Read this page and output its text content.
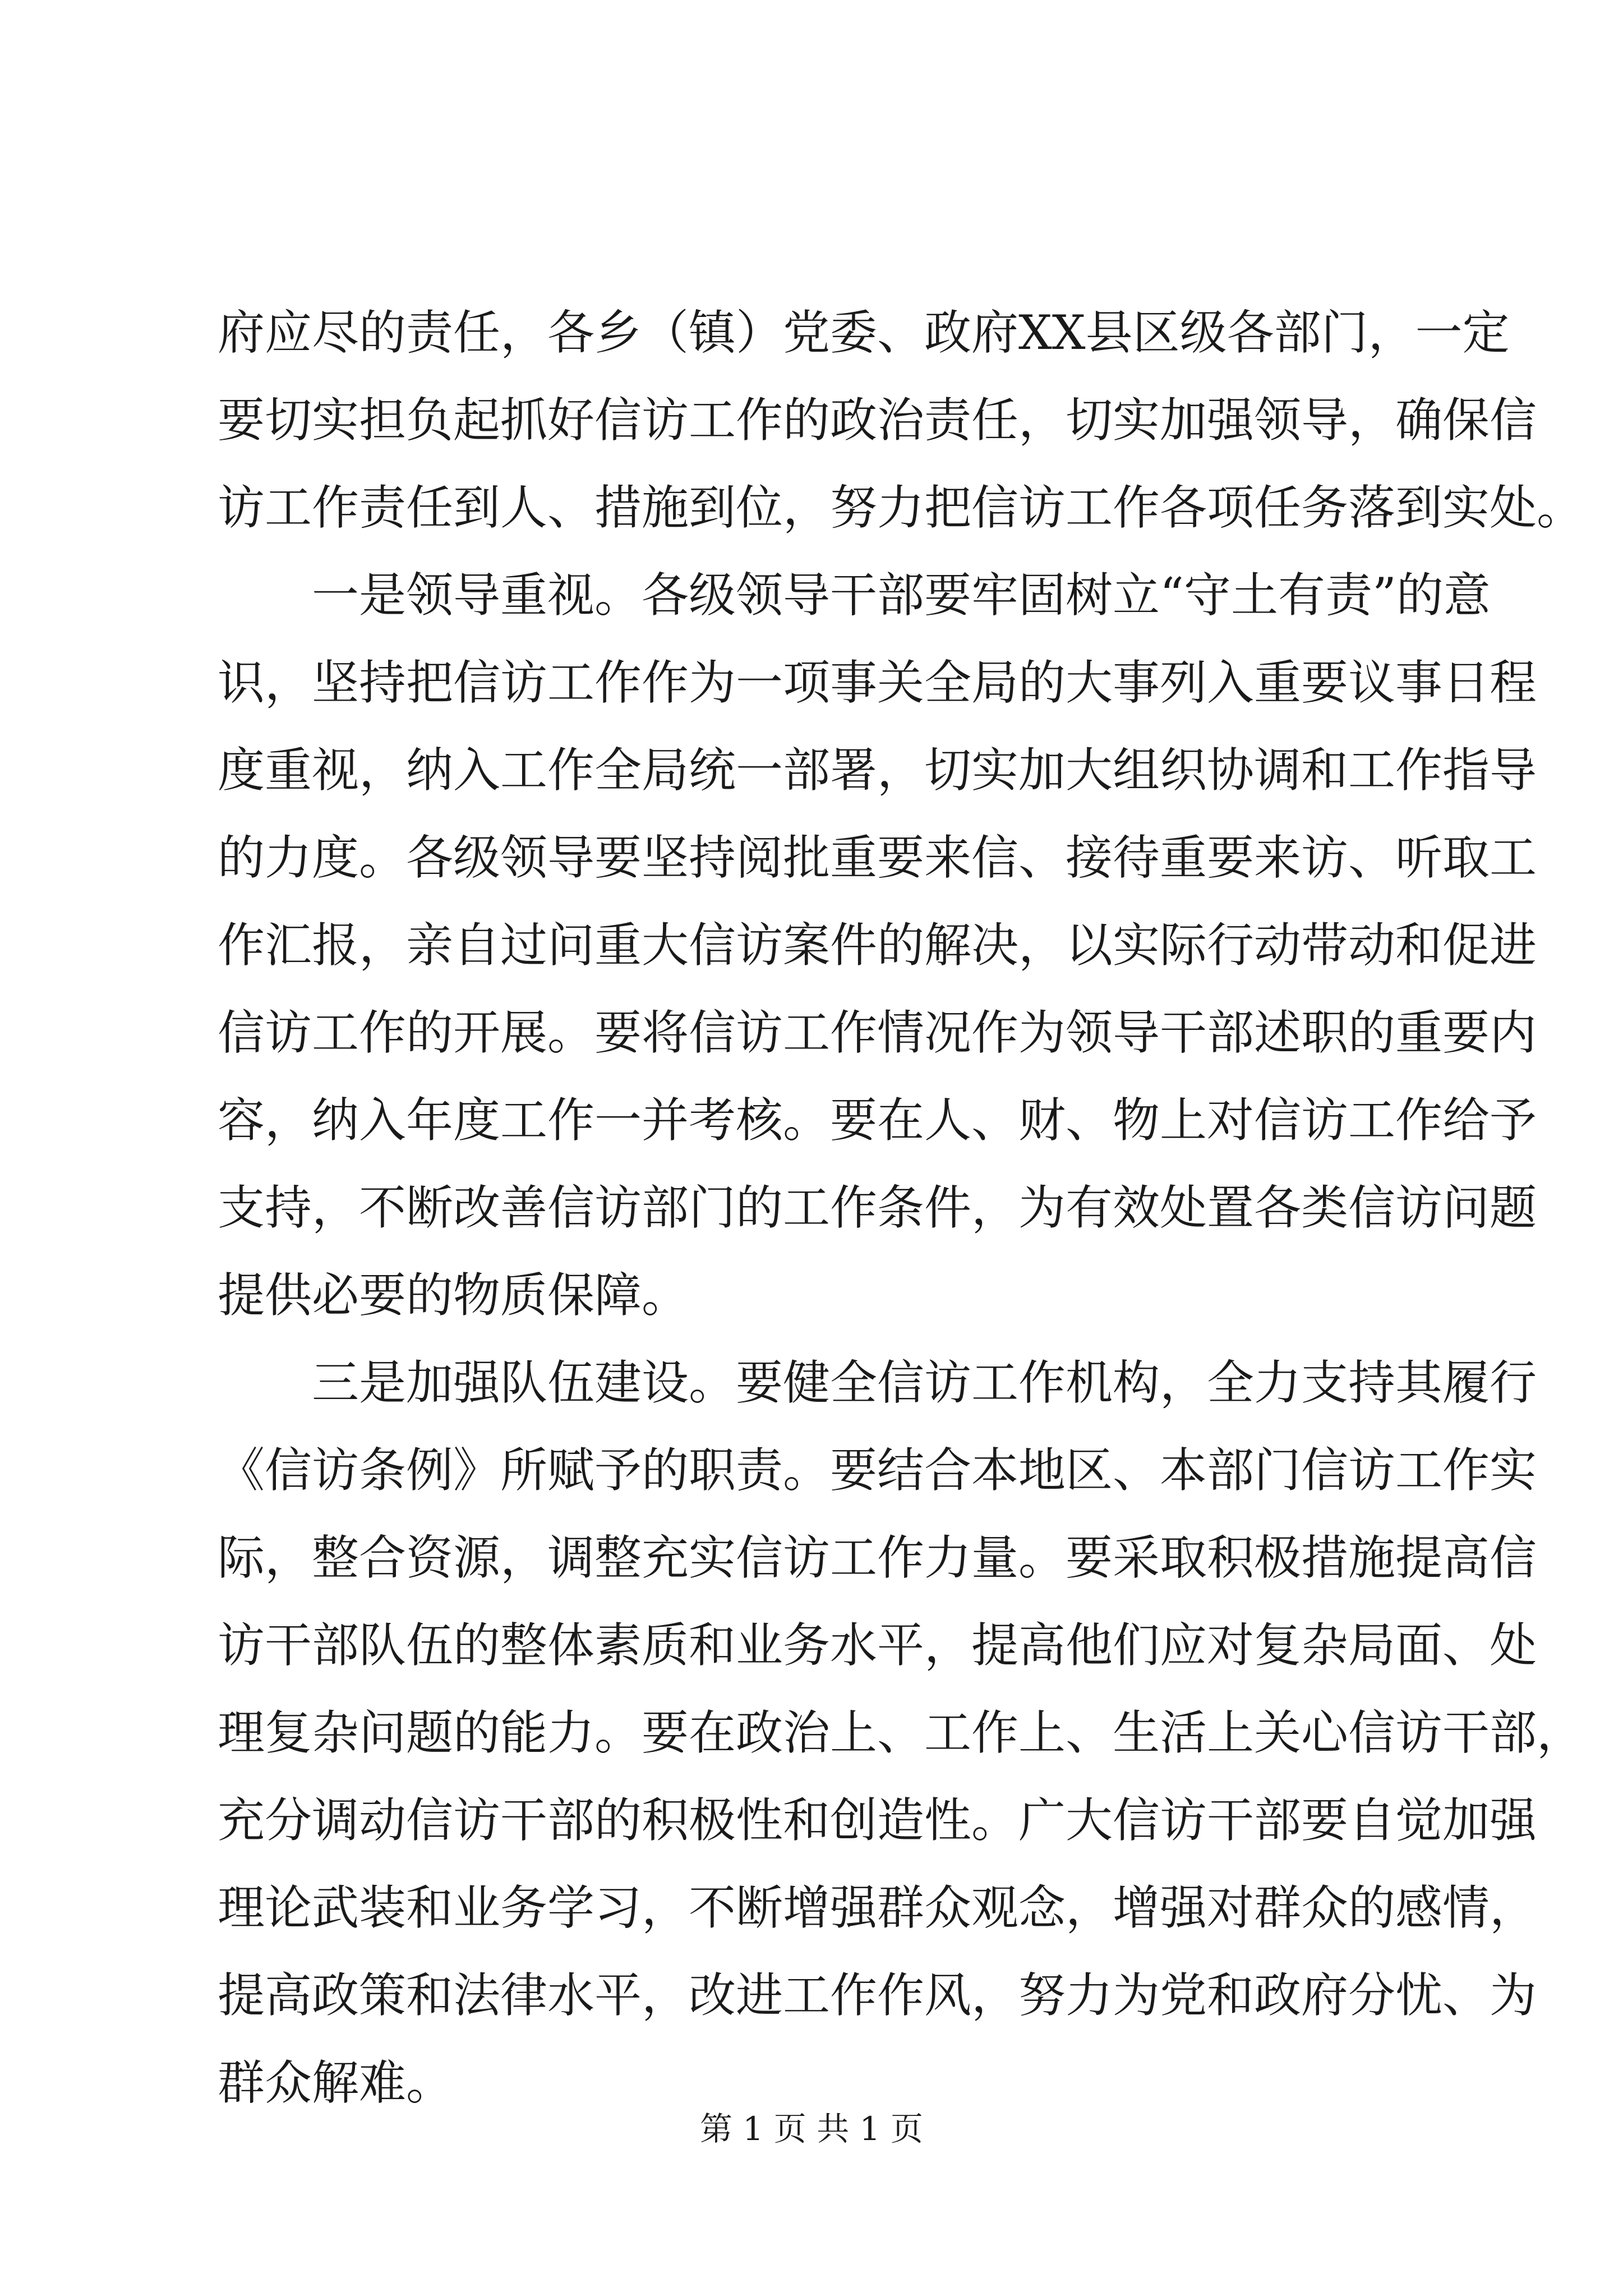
府应尽的责任，各乡（镇）党委、政府XX县区级各部门，一定
要切实担负起抓好信访工作的政治责任，切实加强领导，确保信
访工作责任到人、措施到位，努力把信访工作各项任务落到实处。
一是领导重视。各级领导干部要牢固树立“守土有责”的意
识，坚持把信访工作作为一项事关全局的大事列入重要议事日程
度重视，纳入工作全局统一部署，切实加大组织协调和工作指导
的力度。各级领导要坚持阅批重要来信、接待重要来访、听取工
作汇报，亲自过问重大信访案件的解决，以实际行动带动和促进
信访工作的开展。要将信访工作情况作为领导干部述职的重要内
容，纳入年度工作一并考核。要在人、财、物上对信访工作给予
支持，不断改善信访部门的工作条件，为有效处置各类信访问题
提供必要的物质保障。
三是加强队伍建设。要健全信访工作机构，全力支持其履行
《信访条例》所赋予的职责。要结合本地区、本部门信访工作实
际，整合资源，调整充实信访工作力量。要采取积极措施提高信
访干部队伍的整体素质和业务水平，提高他们应对复杂局面、处
理复杂问题的能力。要在政治上、工作上、生活上关心信访干部，
充分调动信访干部的积极性和创造性。广大信访干部要自觉加强
理论武装和业务学习，不断增强群众观念，增强对群众的感情，
提高政策和法律水平，改进工作作风，努力为党和政府分忧、为
群众解难。
第 1 页 共 1 页
